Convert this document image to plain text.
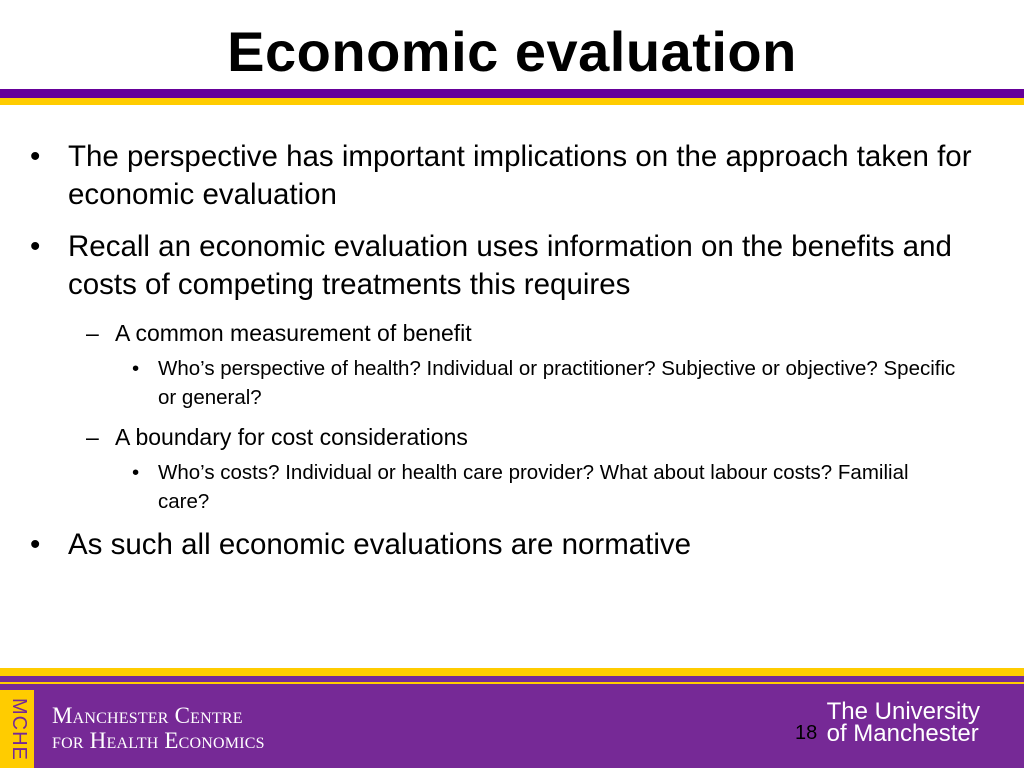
Economic evaluation
• The perspective has important implications on the approach taken for economic evaluation
• Recall an economic evaluation uses information on the benefits and costs of competing treatments this requires
– A common measurement of benefit
• Who’s perspective of health? Individual or practitioner? Subjective or objective? Specific or general?
– A boundary for cost considerations
• Who’s costs? Individual or health care provider? What about labour costs? Familial care?
• As such all economic evaluations are normative
MCHE Manchester Centre
for Health Economics
The University
of Manchester
18
